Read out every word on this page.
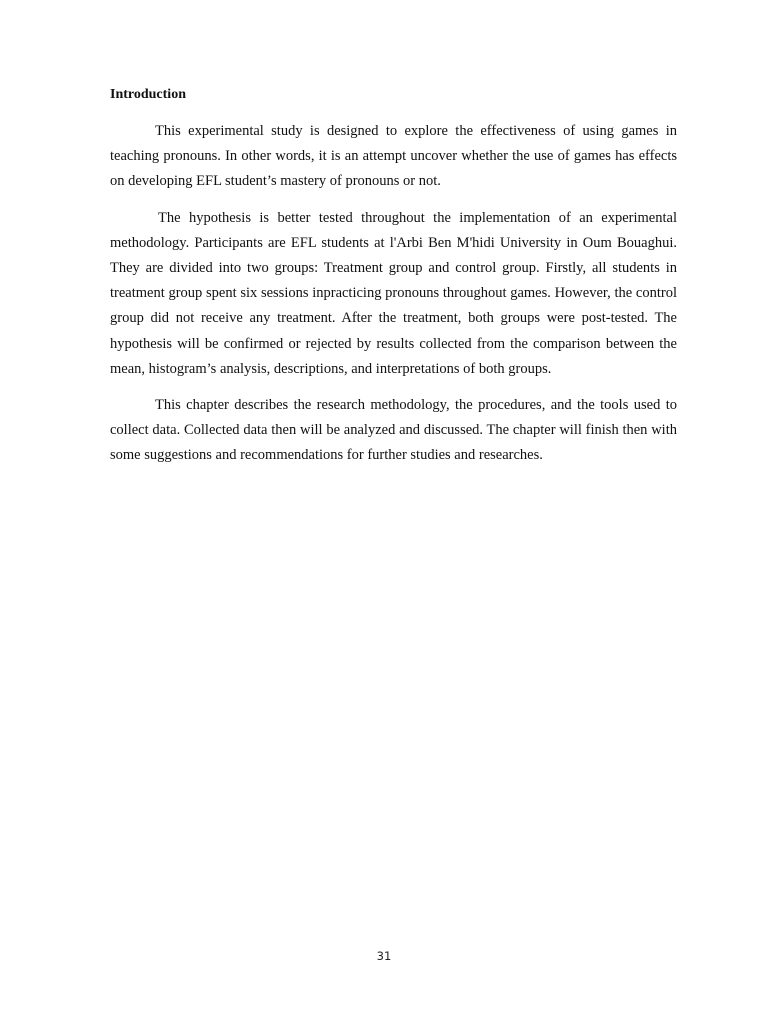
Introduction

This experimental study is designed to explore the effectiveness of using games in teaching pronouns. In other words, it is an attempt uncover whether the use of games has effects on developing EFL student’s mastery of pronouns or not.

The hypothesis is better tested throughout the implementation of an experimental methodology. Participants are EFL students at l'Arbi Ben M'hidi University in Oum Bouaghui. They are divided into two groups: Treatment group and control group. Firstly, all students in treatment group spent six sessions inpracticing pronouns throughout games. However, the control group did not receive any treatment. After the treatment, both groups were post-tested. The hypothesis will be confirmed or rejected by results collected from the comparison between the mean, histogram’s analysis, descriptions, and interpretations of both groups.

This chapter describes the research methodology, the procedures, and the tools used to collect data. Collected data then will be analyzed and discussed. The chapter will finish then with some suggestions and recommendations for further studies and researches.

31
